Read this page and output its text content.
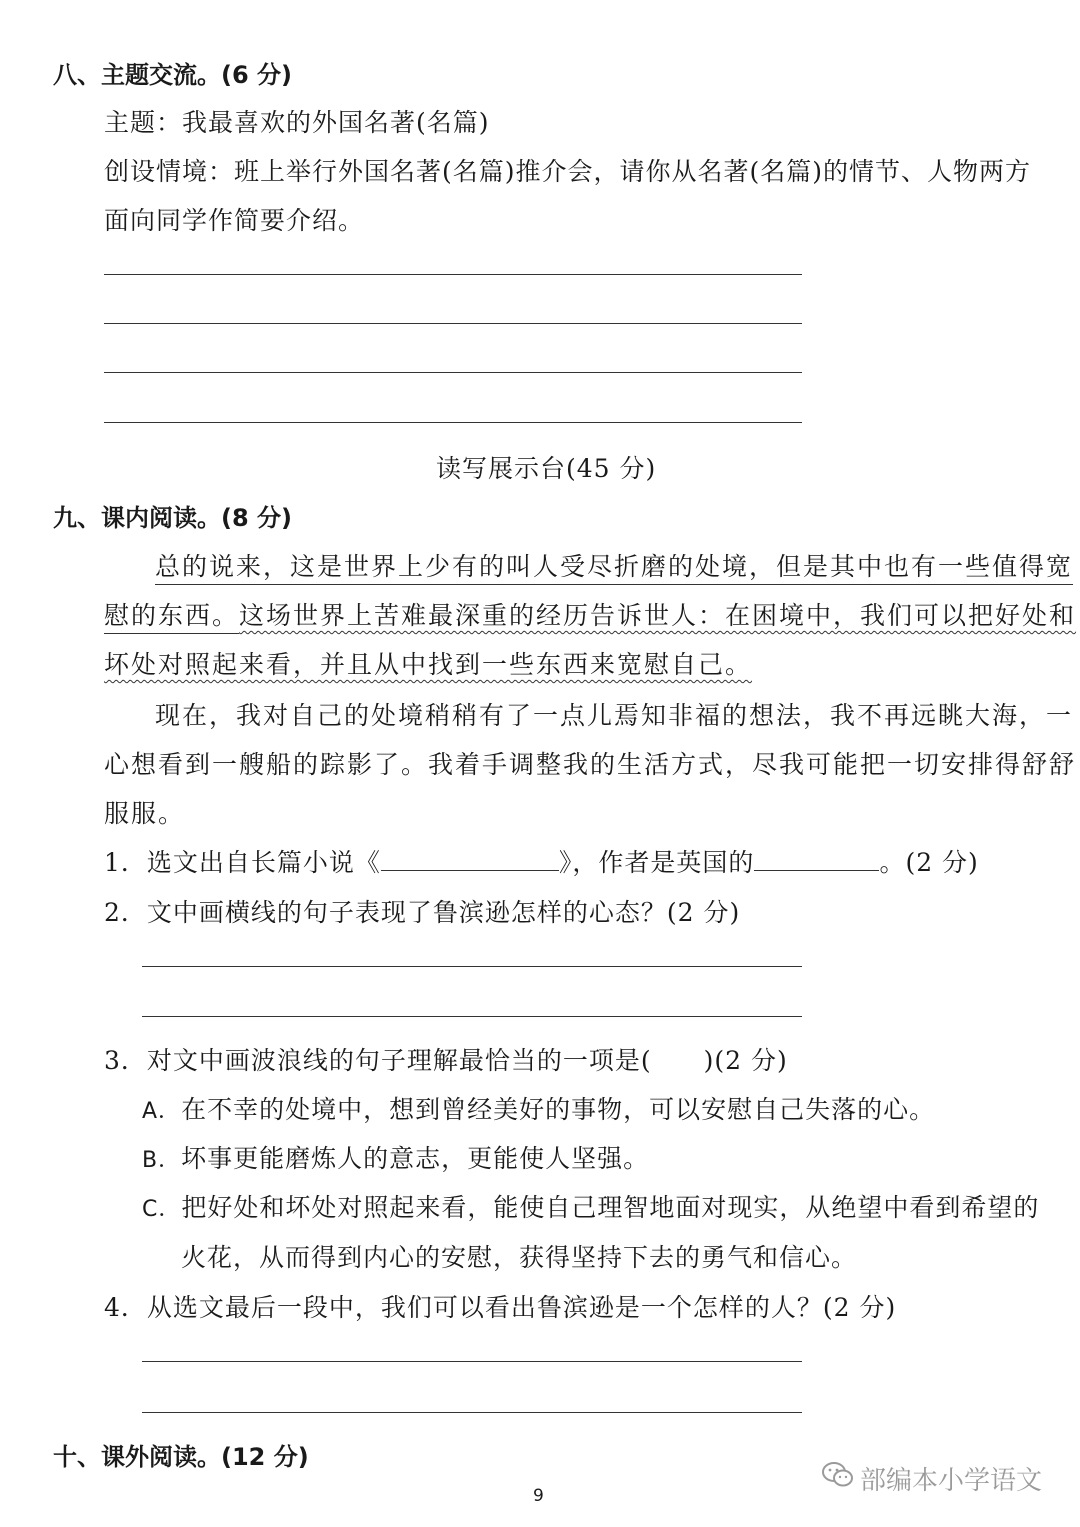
八、主题交流。(6 分)
主题：我最喜欢的外国名著(名篇)
创设情境：班上举行外国名著(名篇)推介会，请你从名著(名篇)的情节、人物两方
面向同学作简要介绍。
读写展示台(45 分)
九、课内阅读。(8 分)
总的说来，这是世界上少有的叫人受尽折磨的处境，但是其中也有一些值得宽
慰的东西。这场世界上苦难最深重的经历告诉世人：在困境中，我们可以把好处和
坏处对照起来看，并且从中找到一些东西来宽慰自己。
现在，我对自己的处境稍稍有了一点儿焉知非福的想法，我不再远眺大海，一
心想看到一艘船的踪影了。我着手调整我的生活方式，尽我可能把一切安排得舒舒
服服。
1．选文出自长篇小说《	》，作者是英国的	。(2 分)
2．文中画横线的句子表现了鲁滨逊怎样的心态？(2 分)
3．对文中画波浪线的句子理解最恰当的一项是(　　)(2 分)
A．在不幸的处境中，想到曾经美好的事物，可以安慰自己失落的心。
B．坏事更能磨炼人的意志，更能使人坚强。
C．把好处和坏处对照起来看，能使自己理智地面对现实，从绝望中看到希望的
火花，从而得到内心的安慰，获得坚持下去的勇气和信心。
4．从选文最后一段中，我们可以看出鲁滨逊是一个怎样的人？(2 分)
十、课外阅读。(12 分)
9	部编本小学语文
